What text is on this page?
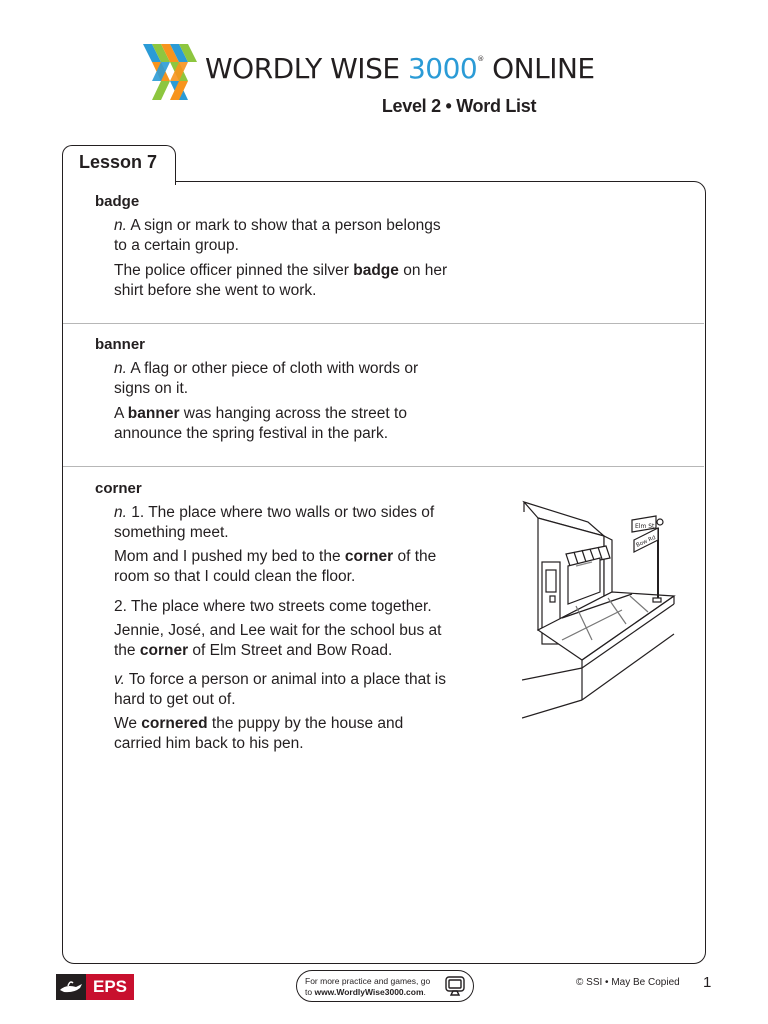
WORDLY WISE 3000® ONLINE
Level 2 • Word List
Lesson 7
badge
n. A sign or mark to show that a person belongs
to a certain group.
The police officer pinned the silver badge on her
shirt before she went to work.
banner
n. A flag or other piece of cloth with words or
signs on it.
A banner was hanging across the street to
announce the spring festival in the park.
corner
n. 1. The place where two walls or two sides of
something meet.
Mom and I pushed my bed to the corner of the
room so that I could clean the floor.
2. The place where two streets come together.
Jennie, José, and Lee wait for the school bus at
the corner of Elm Street and Bow Road.
v. To force a person or animal into a place that is
hard to get out of.
We cornered the puppy by the house and
carried him back to his pen.
Elm St
Bow Rd
EPS	For more practice and games, go
to www.WordlyWise3000.com.
© SSI • May Be Copied 1
